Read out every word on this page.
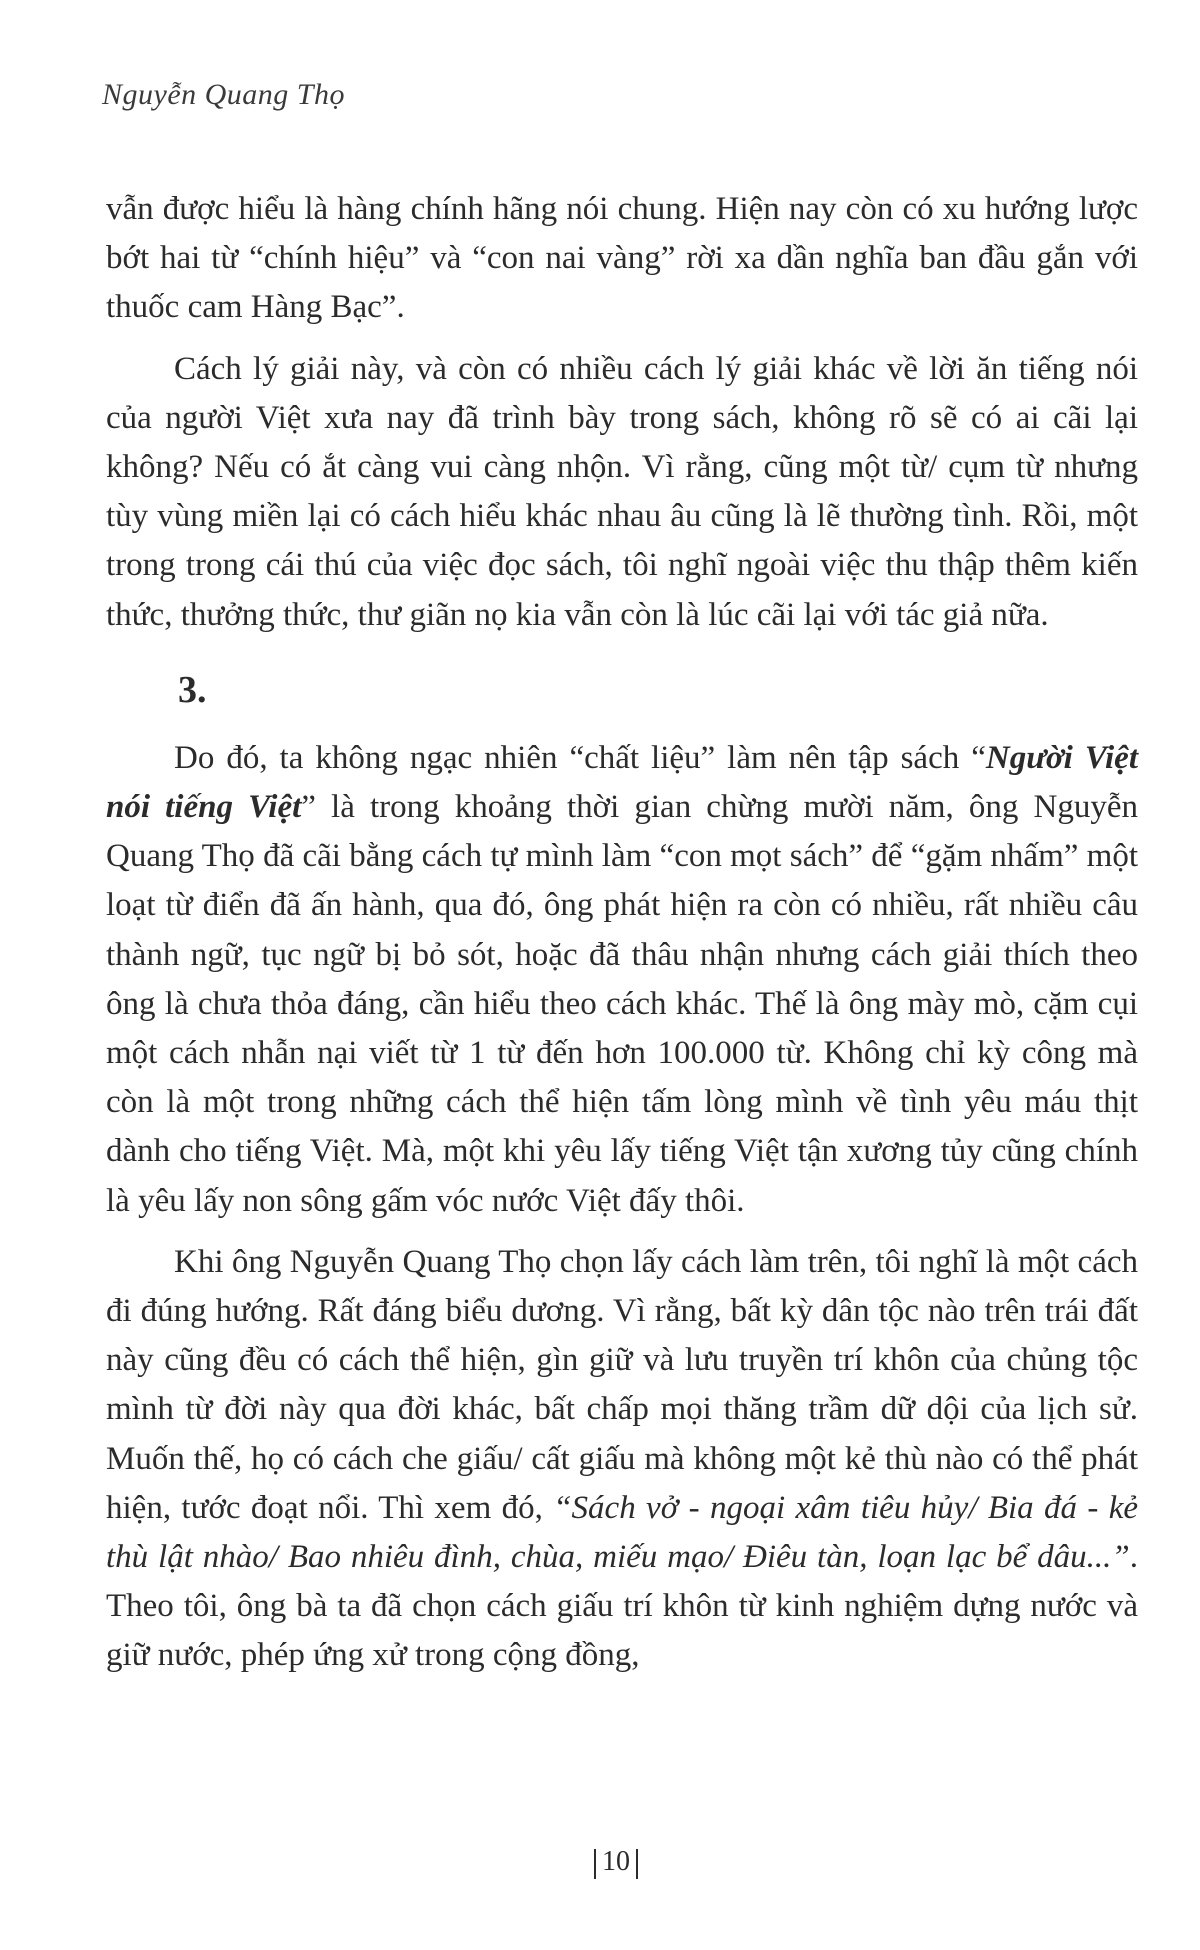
Nguyễn Quang Thọ

vẫn được hiểu là hàng chính hãng nói chung. Hiện nay còn có xu hướng lược bớt hai từ “chính hiệu” và “con nai vàng” rời xa dần nghĩa ban đầu gắn với thuốc cam Hàng Bạc”.

Cách lý giải này, và còn có nhiều cách lý giải khác về lời ăn tiếng nói của người Việt xưa nay đã trình bày trong sách, không rõ sẽ có ai cãi lại không? Nếu có ắt càng vui càng nhộn. Vì rằng, cũng một từ/ cụm từ nhưng tùy vùng miền lại có cách hiểu khác nhau âu cũng là lẽ thường tình. Rồi, một trong trong cái thú của việc đọc sách, tôi nghĩ ngoài việc thu thập thêm kiến thức, thưởng thức, thư giãn nọ kia vẫn còn là lúc cãi lại với tác giả nữa.

3.

Do đó, ta không ngạc nhiên “chất liệu” làm nên tập sách “Người Việt nói tiếng Việt” là trong khoảng thời gian chừng mười năm, ông Nguyễn Quang Thọ đã cãi bằng cách tự mình làm “con mọt sách” để “gặm nhấm” một loạt từ điển đã ấn hành, qua đó, ông phát hiện ra còn có nhiều, rất nhiều câu thành ngữ, tục ngữ bị bỏ sót, hoặc đã thâu nhận nhưng cách giải thích theo ông là chưa thỏa đáng, cần hiểu theo cách khác. Thế là ông mày mò, cặm cụi một cách nhẫn nại viết từ 1 từ đến hơn 100.000 từ. Không chỉ kỳ công mà còn là một trong những cách thể hiện tấm lòng mình về tình yêu máu thịt dành cho tiếng Việt. Mà, một khi yêu lấy tiếng Việt tận xương tủy cũng chính là yêu lấy non sông gấm vóc nước Việt đấy thôi.

Khi ông Nguyễn Quang Thọ chọn lấy cách làm trên, tôi nghĩ là một cách đi đúng hướng. Rất đáng biểu dương. Vì rằng, bất kỳ dân tộc nào trên trái đất này cũng đều có cách thể hiện, gìn giữ và lưu truyền trí khôn của chủng tộc mình từ đời này qua đời khác, bất chấp mọi thăng trầm dữ dội của lịch sử. Muốn thế, họ có cách che giấu/ cất giấu mà không một kẻ thù nào có thể phát hiện, tước đoạt nổi. Thì xem đó, “Sách vở - ngoại xâm tiêu hủy/ Bia đá - kẻ thù lật nhào/ Bao nhiêu đình, chùa, miếu mạo/ Điêu tàn, loạn lạc bể dâu...”. Theo tôi, ông bà ta đã chọn cách giấu trí khôn từ kinh nghiệm dựng nước và giữ nước, phép ứng xử trong cộng đồng,

10
